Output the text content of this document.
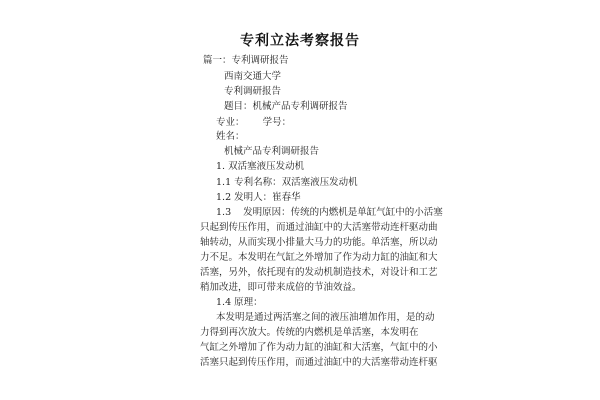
专利立法考察报告
篇一：专利调研报告
西南交通大学
专利调研报告
题目：机械产品专利调研报告
专业：      学号：
姓名：
机械产品专利调研报告
1. 双活塞液压发动机
1.1 专利名称：双活塞液压发动机
1.2 发明人：崔春华
1.3    发明原因：传统的内燃机是单缸气缸中的小活塞
只起到传压作用，而通过油缸中的大活塞带动连杆驱动曲
轴转动，从而实现小排量大马力的功能。单活塞，所以动
力不足。本发明在气缸之外增加了作为动力缸的油缸和大
活塞，另外，依托现有的发动机制造技术，对设计和工艺
稍加改进，即可带来成倍的节油效益。
1.4 原理：
本发明是通过两活塞之间的液压油增加作用，是的动
力得到再次放大。传统的内燃机是单活塞，本发明在
气缸之外增加了作为动力缸的油缸和大活塞，气缸中的小
活塞只起到传压作用，而通过油缸中的大活塞带动连杆驱
